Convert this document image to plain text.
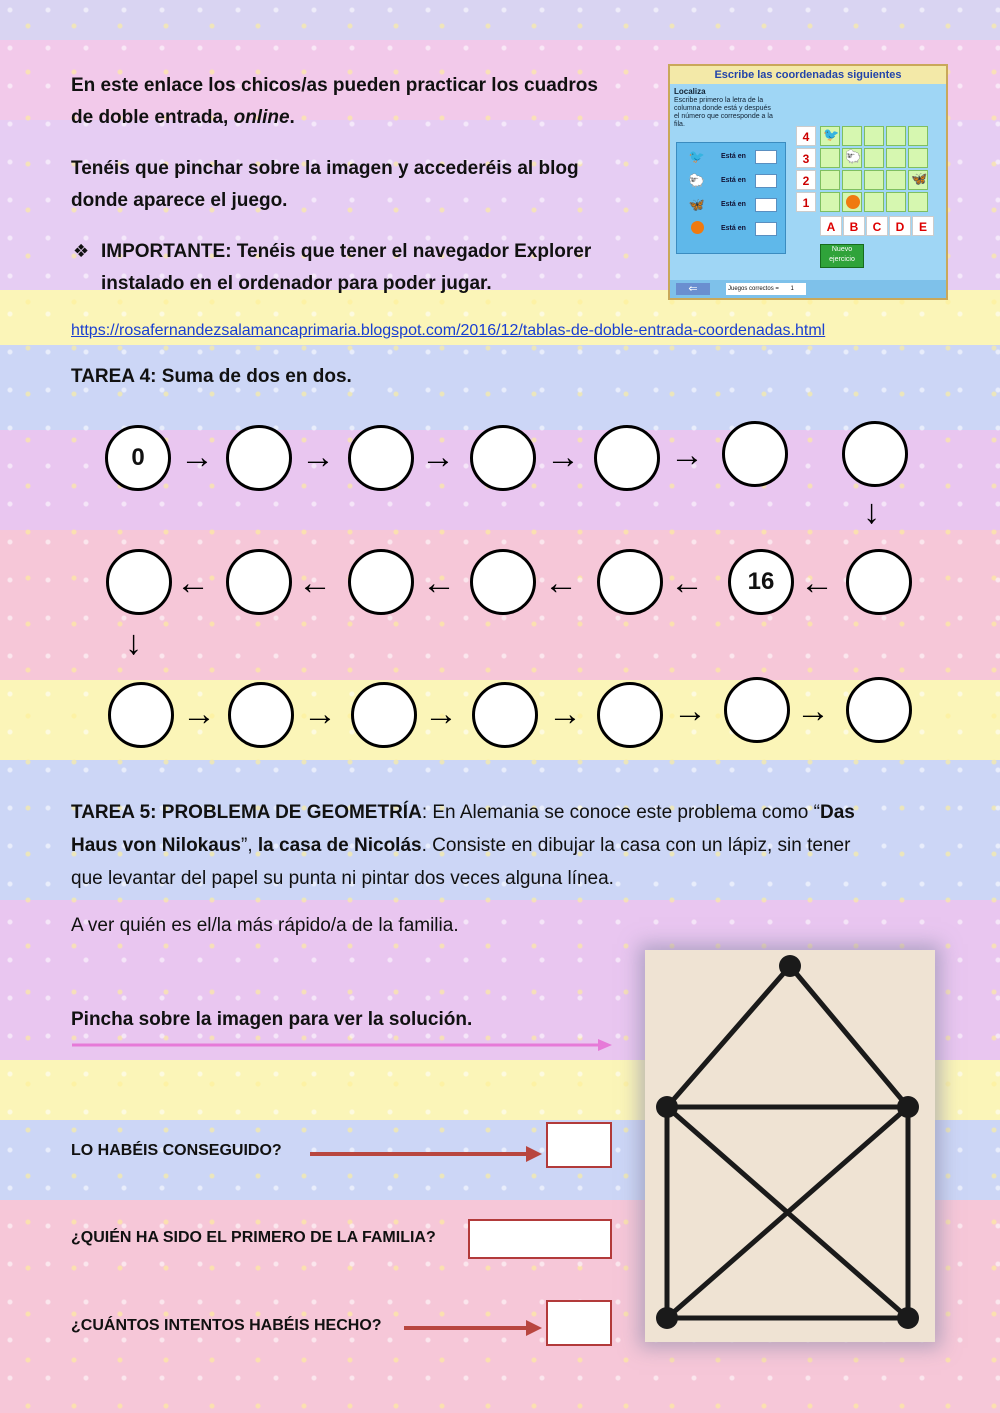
En este enlace los chicos/as pueden practicar los cuadros
de doble entrada, online.
Tenéis que pinchar sobre la imagen y accederéis al blog
donde aparece el juego.
❖ IMPORTANTE: Tenéis que tener el navegador Explorer
instalado en el ordenador para poder jugar.
Escribe las coordenadas siguientes
Localiza
Escribe primero la letra de la columna donde está y después el número que corresponde a la fila.
🐦 Está en
🐑 Está en
🦋 Está en
Está en
4
3
2
1
🐦
🐑
🦋
A	B	C	D	E
Nuevo ejercicio
⇐	Juegos correctos = 1
https://rosafernandezsalamancaprimaria.blogspot.com/2016/12/tablas-de-doble-entrada-coordenadas.html
TAREA 4: Suma de dos en dos.
0	→	→	→	→	→
↓
←
16
←
←
←
←
←
↓
→	→	→	→	→	→
TAREA 5: PROBLEMA DE GEOMETRÍA: En Alemania se conoce este problema como “Das
Haus von Nilokaus”, la casa de Nicolás. Consiste en dibujar la casa con un lápiz, sin tener
que levantar del papel su punta ni pintar dos veces alguna línea.
A ver quién es el/la más rápido/a de la familia.
Pincha sobre la imagen para ver la solución.
LO HABÉIS CONSEGUIDO?
¿QUIÉN HA SIDO EL PRIMERO DE LA FAMILIA?
¿CUÁNTOS INTENTOS HABÉIS HECHO?
